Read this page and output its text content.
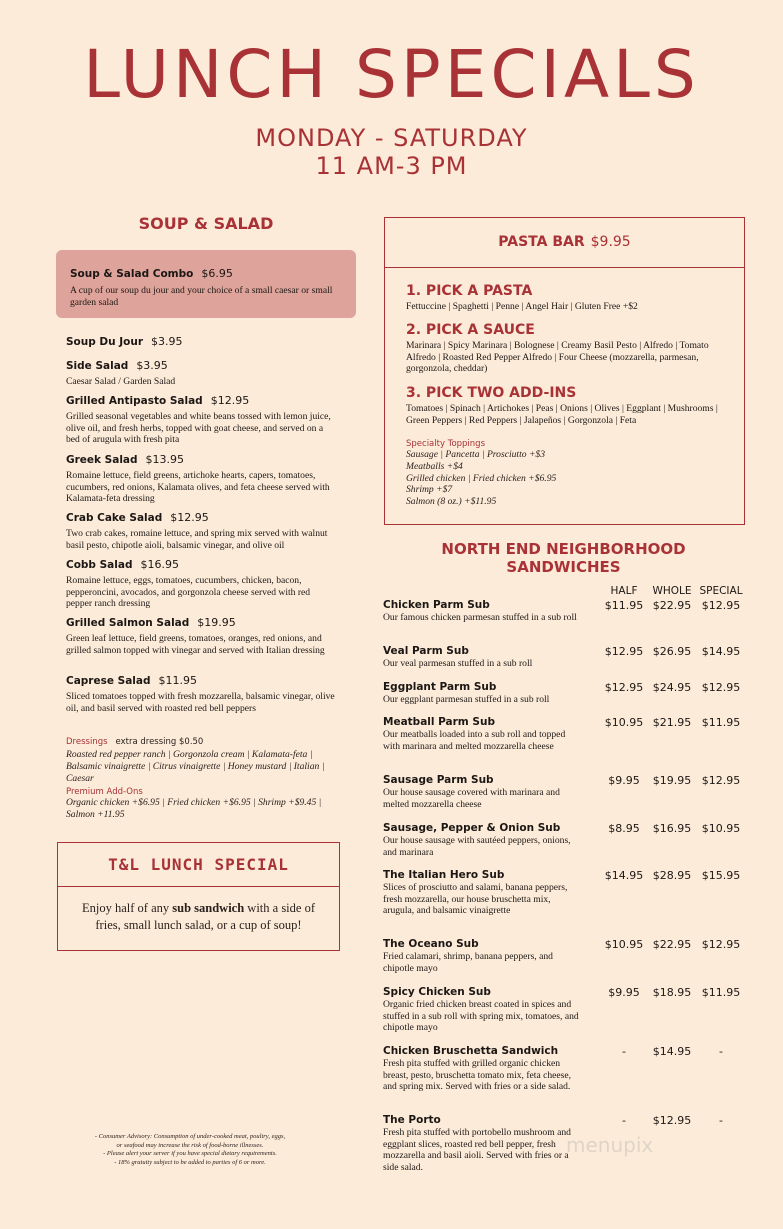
LUNCH SPECIALS
MONDAY - SATURDAY
11 AM-3 PM
SOUP & SALAD
Soup & Salad Combo $6.95
A cup of our soup du jour and your choice of a small caesar or small garden salad
Soup Du Jour $3.95
Side Salad $3.95
Caesar Salad / Garden Salad
Grilled Antipasto Salad $12.95
Grilled seasonal vegetables and white beans tossed with lemon juice, olive oil, and fresh herbs, topped with goat cheese, and served on a bed of arugula with fresh pita
Greek Salad $13.95
Romaine lettuce, field greens, artichoke hearts, capers, tomatoes, cucumbers, red onions, Kalamata olives, and feta cheese served with Kalamata-feta dressing
Crab Cake Salad $12.95
Two crab cakes, romaine lettuce, and spring mix served with walnut basil pesto, chipotle aioli, balsamic vinegar, and olive oil
Cobb Salad $16.95
Romaine lettuce, eggs, tomatoes, cucumbers, chicken, bacon, pepperoncini, avocados, and gorgonzola cheese served with red pepper ranch dressing
Grilled Salmon Salad $19.95
Green leaf lettuce, field greens, tomatoes, oranges, red onions, and grilled salmon topped with vinegar and served with Italian dressing
Caprese Salad $11.95
Sliced tomatoes topped with fresh mozzarella, balsamic vinegar, olive oil, and basil served with roasted red bell peppers
Dressings extra dressing $0.50
Roasted red pepper ranch | Gorgonzola cream | Kalamata-feta | Balsamic vinaigrette | Citrus vinaigrette | Honey mustard | Italian | Caesar
Premium Add-Ons
Organic chicken +$6.95 | Fried chicken +$6.95 | Shrimp +$9.45 | Salmon +11.95
T&L LUNCH SPECIAL
Enjoy half of any sub sandwich with a side of fries, small lunch salad, or a cup of soup!
- Consumer Advisory: Consumption of under-cooked meat, poultry, eggs,
or seafood may increase the risk of food-borne illnesses.
- Please alert your server if you have special dietary requirements.
- 18% gratuity subject to be added to parties of 6 or more.
PASTA BAR $9.95
1. PICK A PASTA
Fettuccine | Spaghetti | Penne | Angel Hair | Gluten Free +$2
2. PICK A SAUCE
Marinara | Spicy Marinara | Bolognese | Creamy Basil Pesto | Alfredo | Tomato Alfredo | Roasted Red Pepper Alfredo | Four Cheese (mozzarella, parmesan, gorgonzola, cheddar)
3. PICK TWO ADD-INS
Tomatoes | Spinach | Artichokes | Peas | Onions | Olives | Eggplant | Mushrooms | Green Peppers | Red Peppers | Jalapeños | Gorgonzola | Feta
Specialty Toppings
Sausage | Pancetta | Prosciutto +$3
Meatballs +$4
Grilled chicken | Fried chicken +$6.95
Shrimp +$7
Salmon (8 oz.) +$11.95
NORTH END NEIGHBORHOOD SANDWICHES
HALF	WHOLE SPECIAL
Chicken Parm Sub
Our famous chicken parmesan stuffed in a sub roll
$11.95 $22.95 $12.95
Veal Parm Sub
Our veal parmesan stuffed in a sub roll
$12.95 $26.95 $14.95
Eggplant Parm Sub
Our eggplant parmesan stuffed in a sub roll
$12.95 $24.95 $12.95
Meatball Parm Sub
Our meatballs loaded into a sub roll and topped with marinara and melted mozzarella cheese
$10.95 $21.95 $11.95
Sausage Parm Sub
Our house sausage covered with marinara and melted mozzarella cheese
$9.95	$19.95 $12.95
Sausage, Pepper & Onion Sub
Our house sausage with sautéed peppers, onions, and marinara
$8.95	$16.95 $10.95
The Italian Hero Sub
Slices of prosciutto and salami, banana peppers, fresh mozzarella, our house bruschetta mix, arugula, and balsamic vinaigrette
$14.95 $28.95 $15.95
The Oceano Sub
Fried calamari, shrimp, banana peppers, and chipotle mayo
$10.95 $22.95 $12.95
Spicy Chicken Sub
Organic fried chicken breast coated in spices and stuffed in a sub roll with spring mix, tomatoes, and chipotle mayo
$9.95	$18.95 $11.95
Chicken Bruschetta Sandwich
Fresh pita stuffed with grilled organic chicken breast, pesto, bruschetta tomato mix, feta cheese, and spring mix. Served with fries or a side salad.
-	$14.95	-
The Porto
Fresh pita stuffed with portobello mushroom and eggplant slices, roasted red bell pepper, fresh mozzarella and basil aioli. Served with fries or a side salad.
-	$12.95	-
menupix
